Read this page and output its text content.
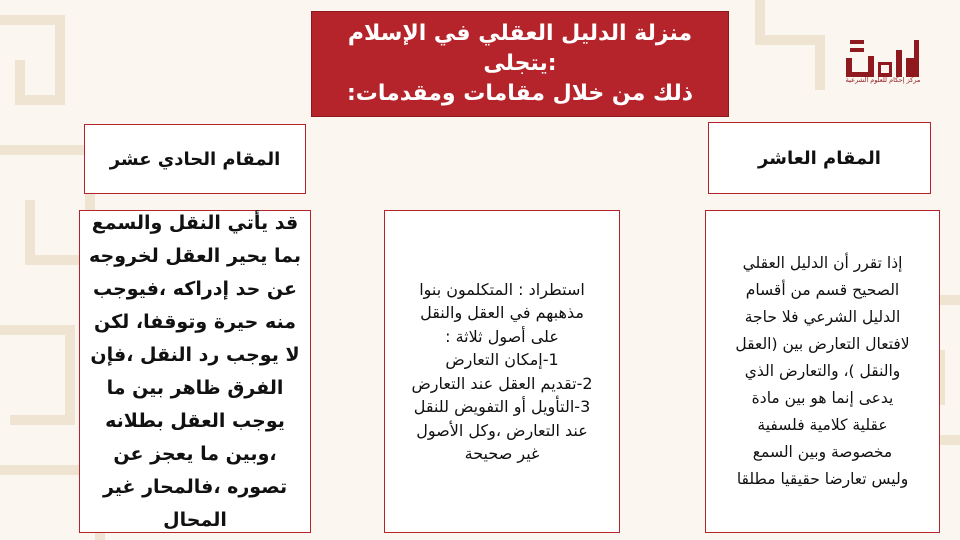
منزلة الدليل العقلي في الإسلام :يتجلى
ذلك من خلال مقامات ومقدمات:
المقام الحادي عشر	المقام العاشر
قد يأتي النقل والسمع
بما يحير العقل لخروجه
عن حد إدراكه ،فيوجب
منه حيرة وتوقفا، لكن
لا يوجب رد النقل ،فإن
الفرق ظاهر بين ما
يوجب العقل بطلانه
،وبين ما يعجز عن
تصوره ،فالمحار غير
المحال
استطراد : المتكلمون بنوا
مذهبهم في العقل والنقل
على أصول ثلاثة :
1-إمكان التعارض
2-تقديم العقل عند التعارض
3-التأويل أو التفويض للنقل
عند التعارض ،وكل الأصول
غير صحيحة
إذا تقرر أن الدليل العقلي
الصحيح قسم من أقسام
الدليل الشرعي فلا حاجة
لافتعال التعارض بين (العقل
والنقل )، والتعارض الذي
يدعى إنما هو بين مادة
عقلية كلامية فلسفية
مخصوصة وبين السمع
وليس تعارضا حقيقيا مطلقا
مركز إحكام للعلوم الشرعية
